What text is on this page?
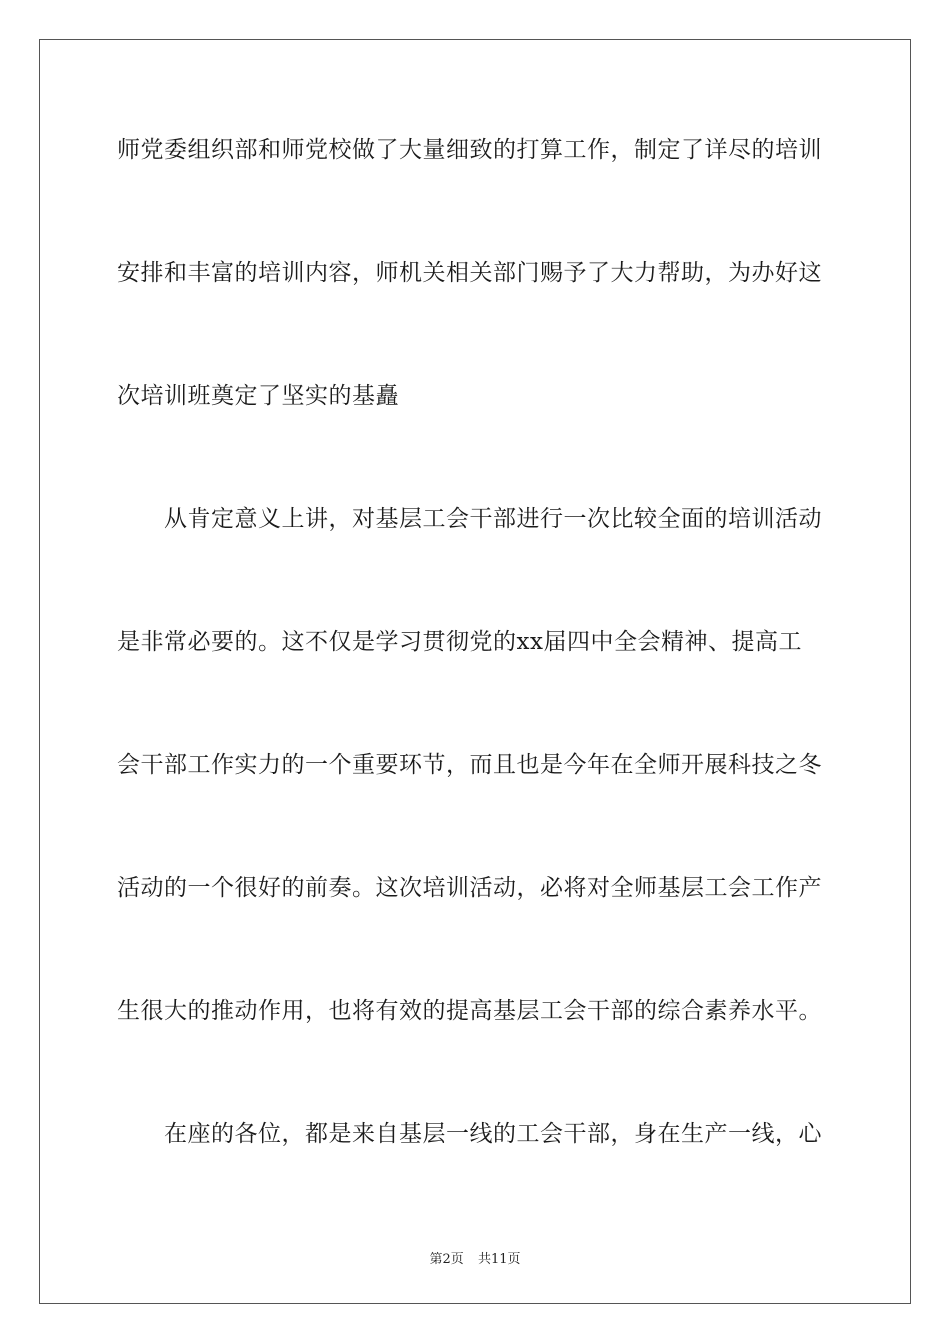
师党委组织部和师党校做了大量细致的打算工作，制定了详尽的培训
安排和丰富的培训内容，师机关相关部门赐予了大力帮助，为办好这
次培训班奠定了坚实的基矗
从肯定意义上讲，对基层工会干部进行一次比较全面的培训活动
是非常必要的。这不仅是学习贯彻党的xx届四中全会精神、提高工
会干部工作实力的一个重要环节，而且也是今年在全师开展科技之冬
活动的一个很好的前奏。这次培训活动，必将对全师基层工会工作产
生很大的推动作用，也将有效的提高基层工会干部的综合素养水平。
在座的各位，都是来自基层一线的工会干部，身在生产一线，心
第2页 共11页
